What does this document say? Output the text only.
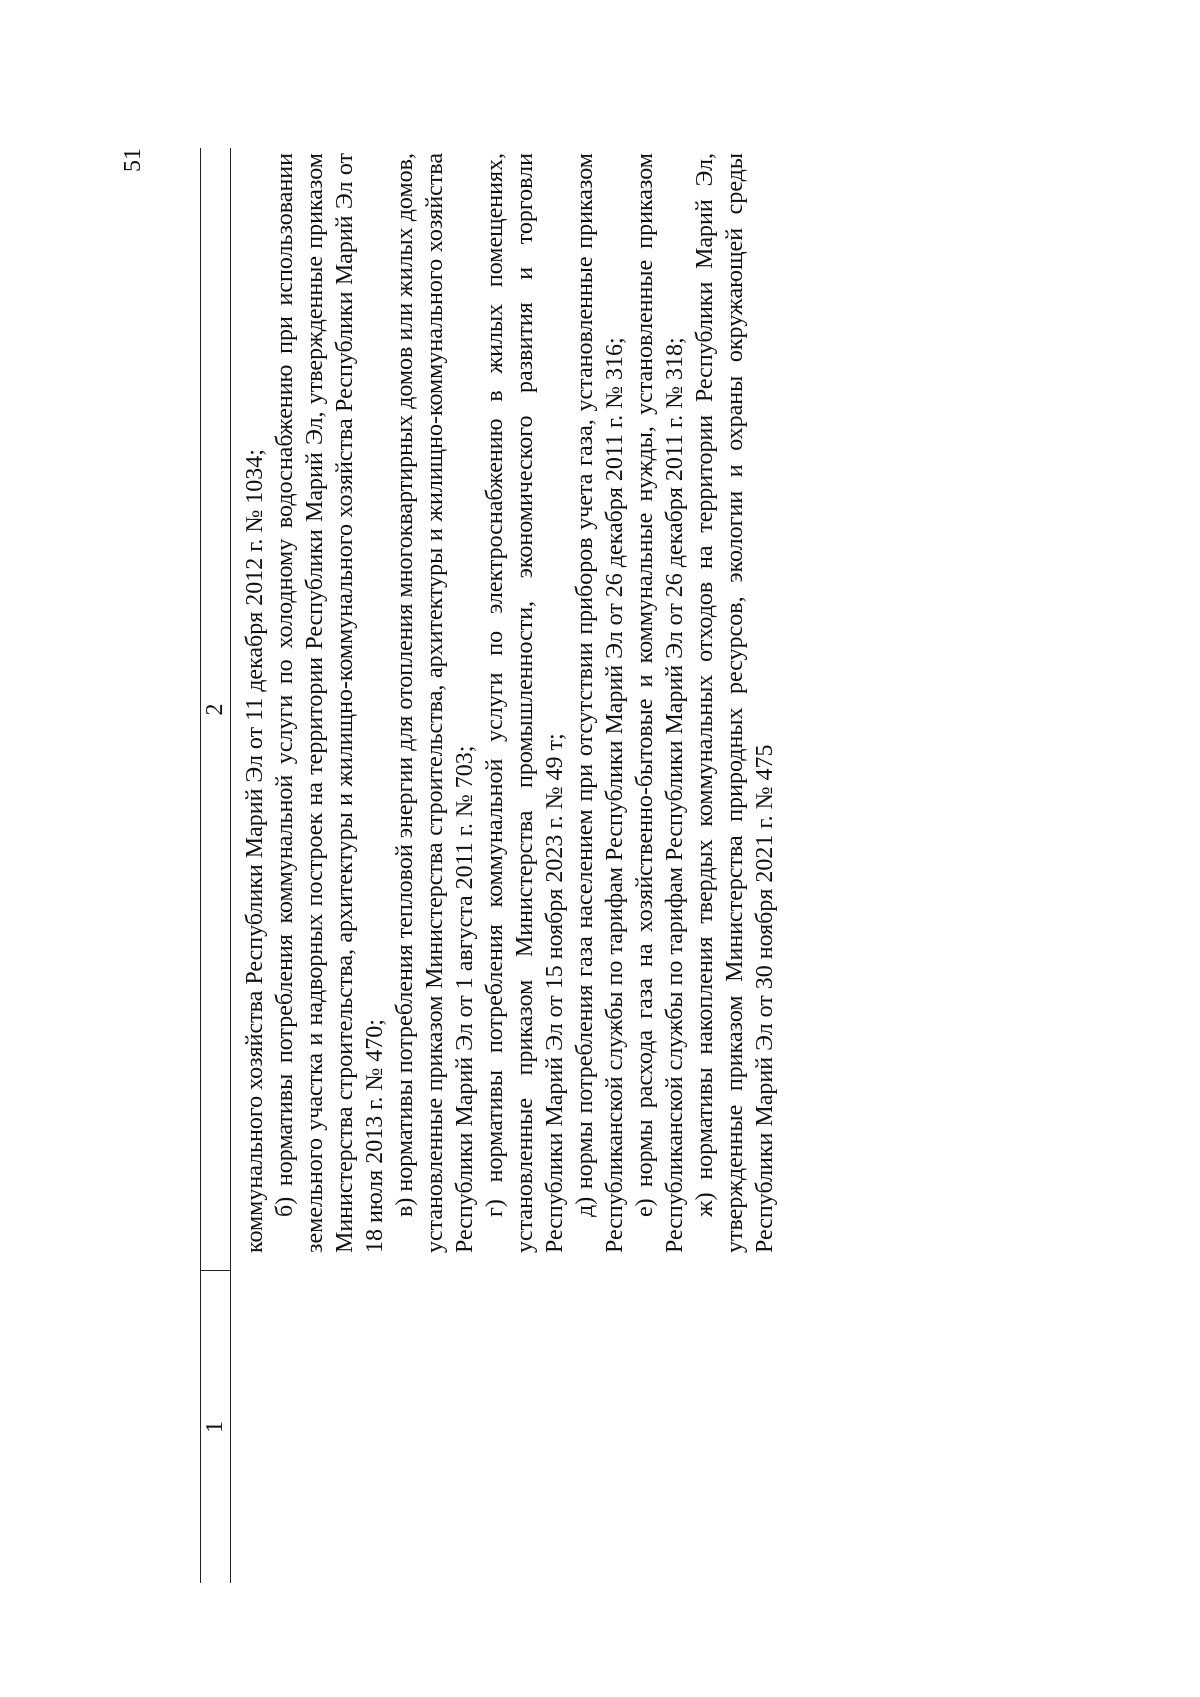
51
1
2 коммунального хозяйства Республики Марий Эл от 11 декабря 2012 г. № 1034; б) нормативы потребления коммунальной услуги по холодному водоснабжению при использовании земельного участка и надворных построек на территории Республики Марий Эл, утвержденные приказом Министерства строительства, архитектуры и жилищно-коммунального хозяйства Республики Марий Эл от 18 июля 2013 г. № 470; в) нормативы потребления тепловой энергии для отопления многоквартирных домов или жилых домов, установленные приказом Министерства строительства, архитектуры и жилищно-коммунального хозяйства Республики Марий Эл от 1 августа 2011 г. № 703; г) нормативы потребления коммунальной услуги по электроснабжению в жилых помещениях, установленные приказом Министерства промышленности, экономического развития и торговли Республики Марий Эл от 15 ноября 2023 г. № 49 т; д) нормы потребления газа населением при отсутствии приборов учета газа, установленные приказом Республиканской службы по тарифам Республики Марий Эл от 26 декабря 2011 г. № 316; е) нормы расхода газа на хозяйственно-бытовые и коммунальные нужды, установленные приказом Республиканской службы по тарифам Республики Марий Эл от 26 декабря 2011 г. № 318; ж) нормативы накопления твердых коммунальных отходов на территории Республики Марий Эл, утвержденные приказом Министерства природных ресурсов, экологии и охраны окружающей среды Республики Марий Эл от 30 ноября 2021 г. № 475
